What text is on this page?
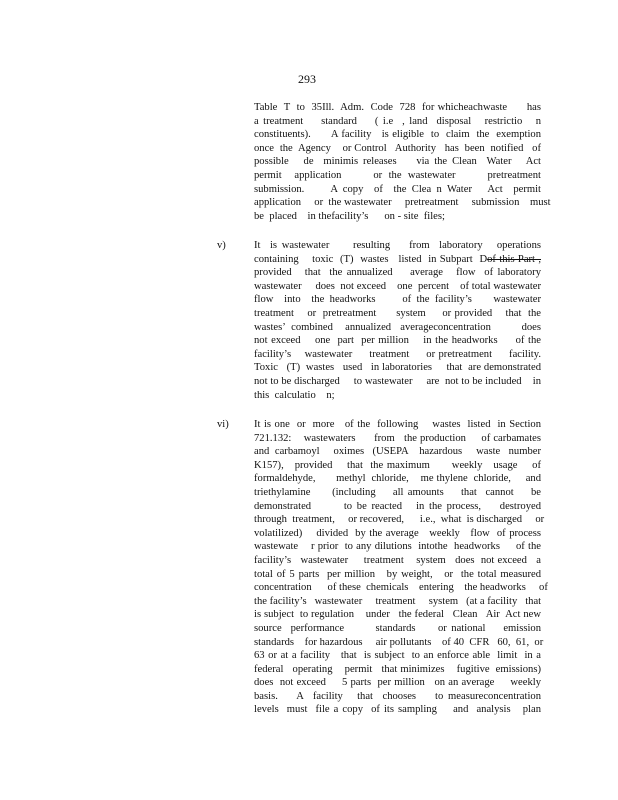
293
Table  T  to  35Ill.  Adm.  Code  728  for whicheachwaste      has
a treatment    standard    ( i.e  , land  disposal   restrictio   n
constituents).      A facility   is eligible  to  claim  the  exemption
once  the  Agency    or Control   Authority   has  been  notified   of
possible   de  minimis releases    via the Clean  Water   Act
permit  application     or the wastewater     pretreatment
submission.     A copy  of  the Clea n Water   Act  permit
application     or  the wastewater     pretreatment     submission    must
be  placed    in thefacility’s      on - site  files;
v)	It  is wastewater     resulting    from  laboratory   operations
containing    toxic  (T)  wastes   listed  in Subpart  Dof this Part ,
provided   that  the annualized    average   flow  of laboratory
wastewater     does  not exceed    one  percent    of total wastewater
flow  into  the headworks     of the facility’s    wastewater
treatment    or  pretreatment      system     or provided    that  the
wastes’  combined    annualized   averageconcentration          does
not exceed    one  part  per million    in the headworks     of the
facility’s    wastewater     treatment     or pretreatment     facility.
Toxic   (T)  wastes   used   in laboratories     that  are demonstrated
not to be discharged     to wastewater     are  not to be included    in
this  calculatio    n;
vi) It is one  or  more   of the  following    wastes  listed  in Section
721.132:    wastewaters      from   the production     of carbamates
and  carbamoyl     oximes   (USEPA    hazardous     waste   number
K157),   provided    that  the maximum      weekly   usage    of
formaldehyde,       methyl  chloride,    me thylene  chloride,     and
triethylamine     (including    all amounts    that  cannot    be
demonstrated       to be reacted   in the process,    destroyed
through  treatment,     or recovered,      i.e.,  what  is discharged     or
volatilized)    divided  by the average   weekly   flow  of process
wastewate    r prior  to any dilutions  intothe  headworks     of the
facility’s   wastewater     treatment    system   does  not exceed   a
total of 5 parts  per million   by weight,   or  the total measured
concentration      of these  chemicals    entering    the headworks     of
the facility’s   wastewater     treatment     system   (at a facility   that
is subject  to regulation    under   the federal   Clean   Air  Act new
source  performance       standards     or national    emission
standards    for hazardous     air pollutants    of 40  CFR   60,  61,  or
63 or at a facility   that  is subject  to an enforce able  limit  in a
federal   operating    permit   that minimizes    fugitive  emissions)
does  not exceed     5 parts  per million   on an average     weekly
basis.    A  facility   that  chooses    to measureconcentration
levels  must  file a copy  of its sampling    and  analysis   plan
